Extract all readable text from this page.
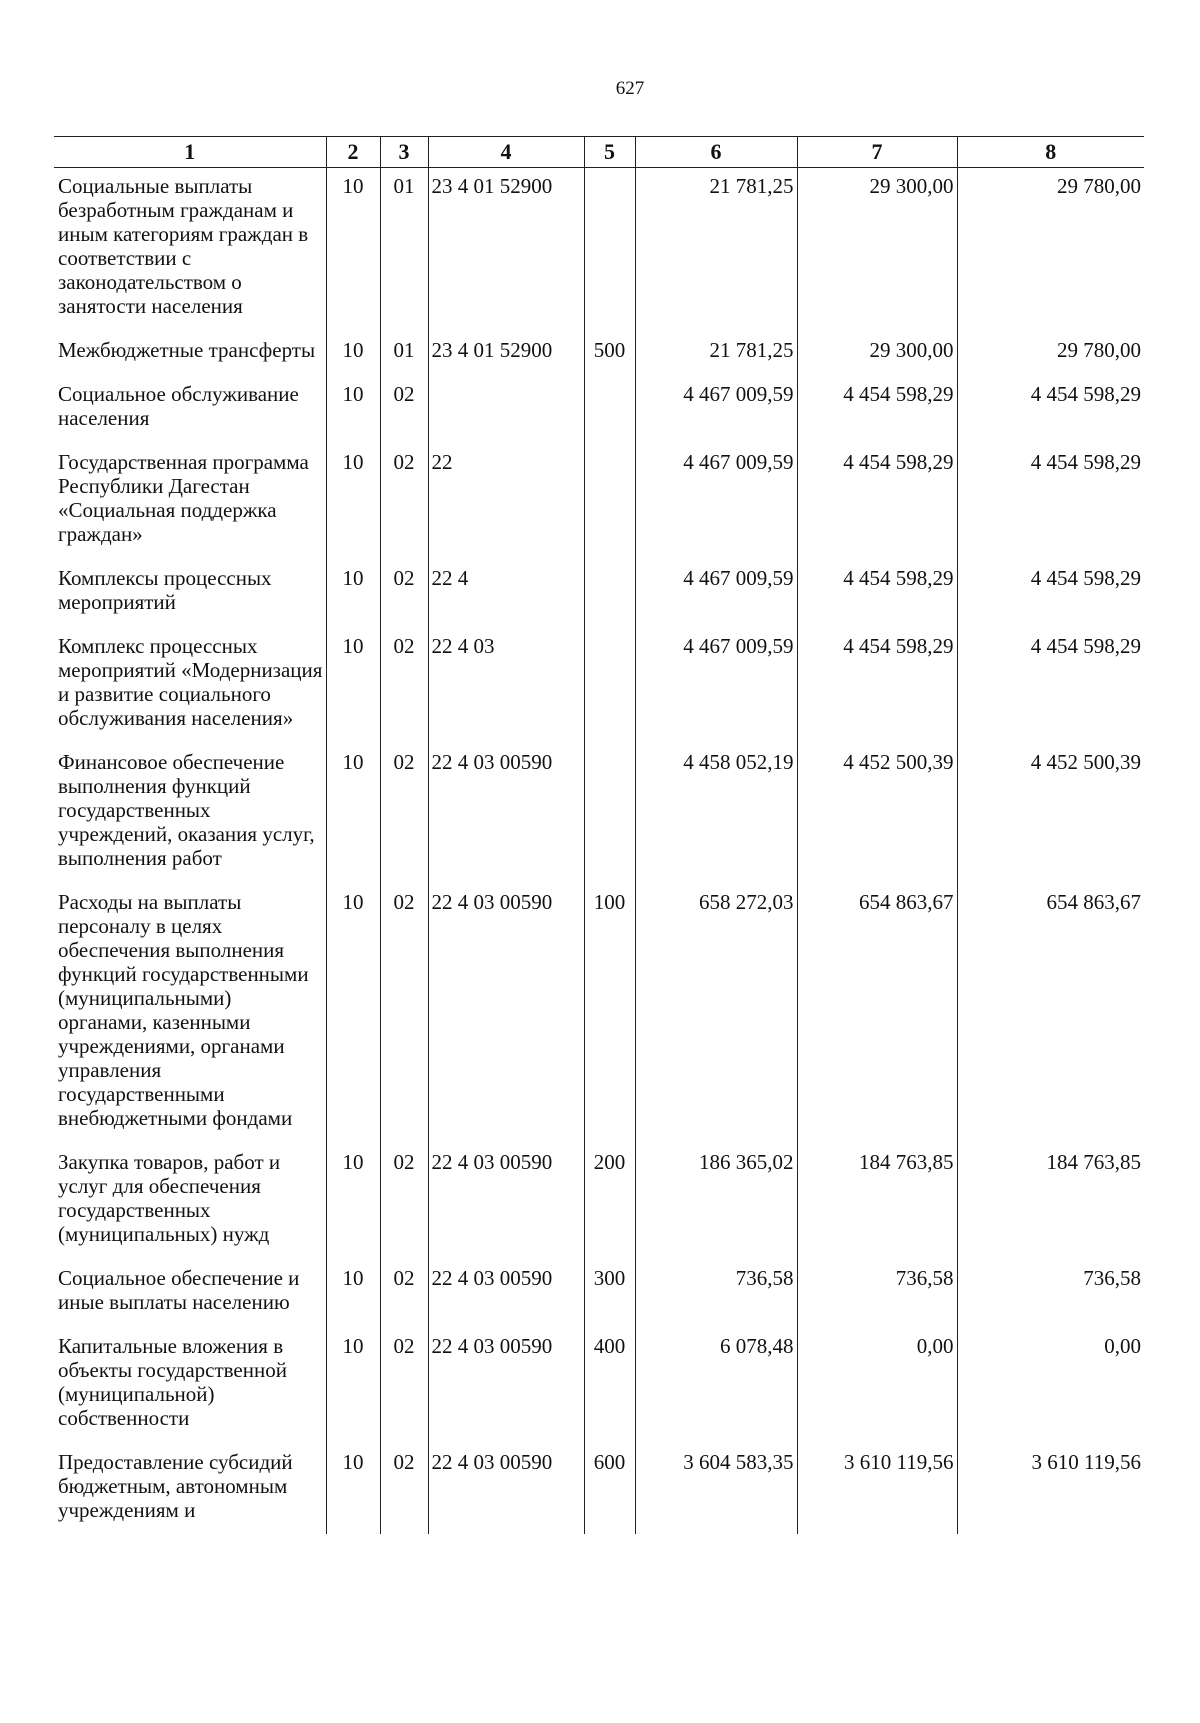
627
1	2	3	4	5	6	7	8
Социальные выплаты безработным гражданам и иным категориям граждан в соответствии с законодательством о занятости населения	10	01	23 4 01 52900		21 781,25	29 300,00	29 780,00
Межбюджетные трансферты	10	01	23 4 01 52900	500	21 781,25	29 300,00	29 780,00
Социальное обслуживание населения	10	02			4 467 009,59	4 454 598,29	4 454 598,29
Государственная программа Республики Дагестан «Социальная поддержка граждан»	10	02	22		4 467 009,59	4 454 598,29	4 454 598,29
Комплексы процессных мероприятий	10	02	22 4		4 467 009,59	4 454 598,29	4 454 598,29
Комплекс процессных мероприятий «Модернизация и развитие социального обслуживания населения»	10	02	22 4 03		4 467 009,59	4 454 598,29	4 454 598,29
Финансовое обеспечение выполнения функций государственных учреждений, оказания услуг, выполнения работ	10	02	22 4 03 00590		4 458 052,19	4 452 500,39	4 452 500,39
Расходы на выплаты персоналу в целях обеспечения выполнения функций государственными (муниципальными) органами, казенными учреждениями, органами управления государственными внебюджетными фондами	10	02	22 4 03 00590	100	658 272,03	654 863,67	654 863,67
Закупка товаров, работ и услуг для обеспечения государственных (муниципальных) нужд	10	02	22 4 03 00590	200	186 365,02	184 763,85	184 763,85
Социальное обеспечение и иные выплаты населению	10	02	22 4 03 00590	300	736,58	736,58	736,58
Капитальные вложения в объекты государственной (муниципальной) собственности	10	02	22 4 03 00590	400	6 078,48	0,00	0,00
Предоставление субсидий бюджетным, автономным учреждениям и	10	02	22 4 03 00590	600	3 604 583,35	3 610 119,56	3 610 119,56
